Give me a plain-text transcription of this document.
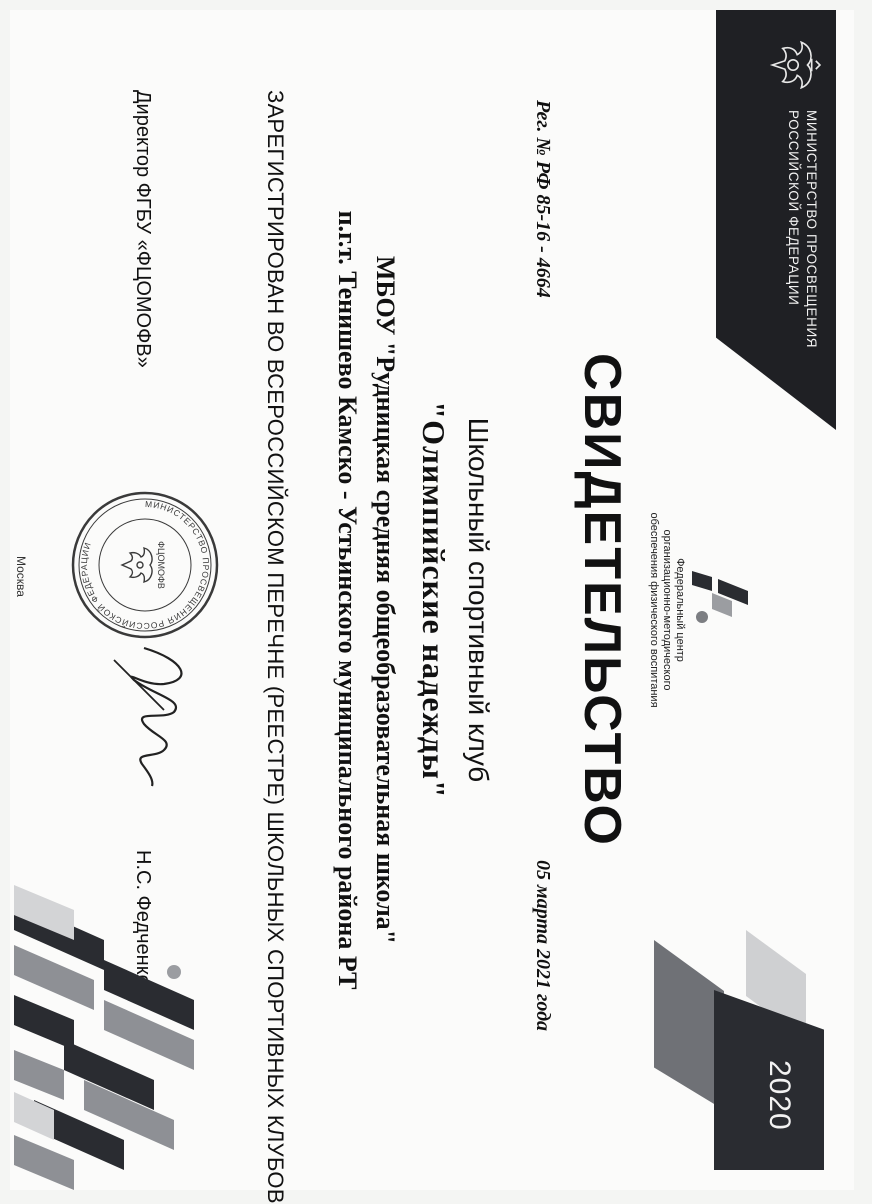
МИНИСТЕРСТВО ПРОСВЕЩЕНИЯ
РОССИЙСКОЙ ФЕДЕРАЦИИ
Федеральный центр
организационно-методического
обеспечения физического воспитания
2020
СВИДЕТЕЛЬСТВО
Рег. № РФ 85-16 - 4664
05 марта 2021 года
Школьный спортивный клуб
"Олимпийские надежды"
МБОУ "Рудницкая средняя общеобразовательная школа"
п.г.т. Тенишево Камско - Устьинского муниципального района РТ
ЗАРЕГИСТРИРОВАН ВО ВСЕРОССИЙСКОМ ПЕРЕЧНЕ (РЕЕСТРЕ) ШКОЛЬНЫХ СПОРТИВНЫХ КЛУБОВ
Директор ФГБУ «ФЦОМОФВ»
Н.С. Федченко
МИНИСТЕРСТВО ПРОСВЕЩЕНИЯ РОССИЙСКОЙ ФЕДЕРАЦИИ	ФЦОМОФВ
Москва
